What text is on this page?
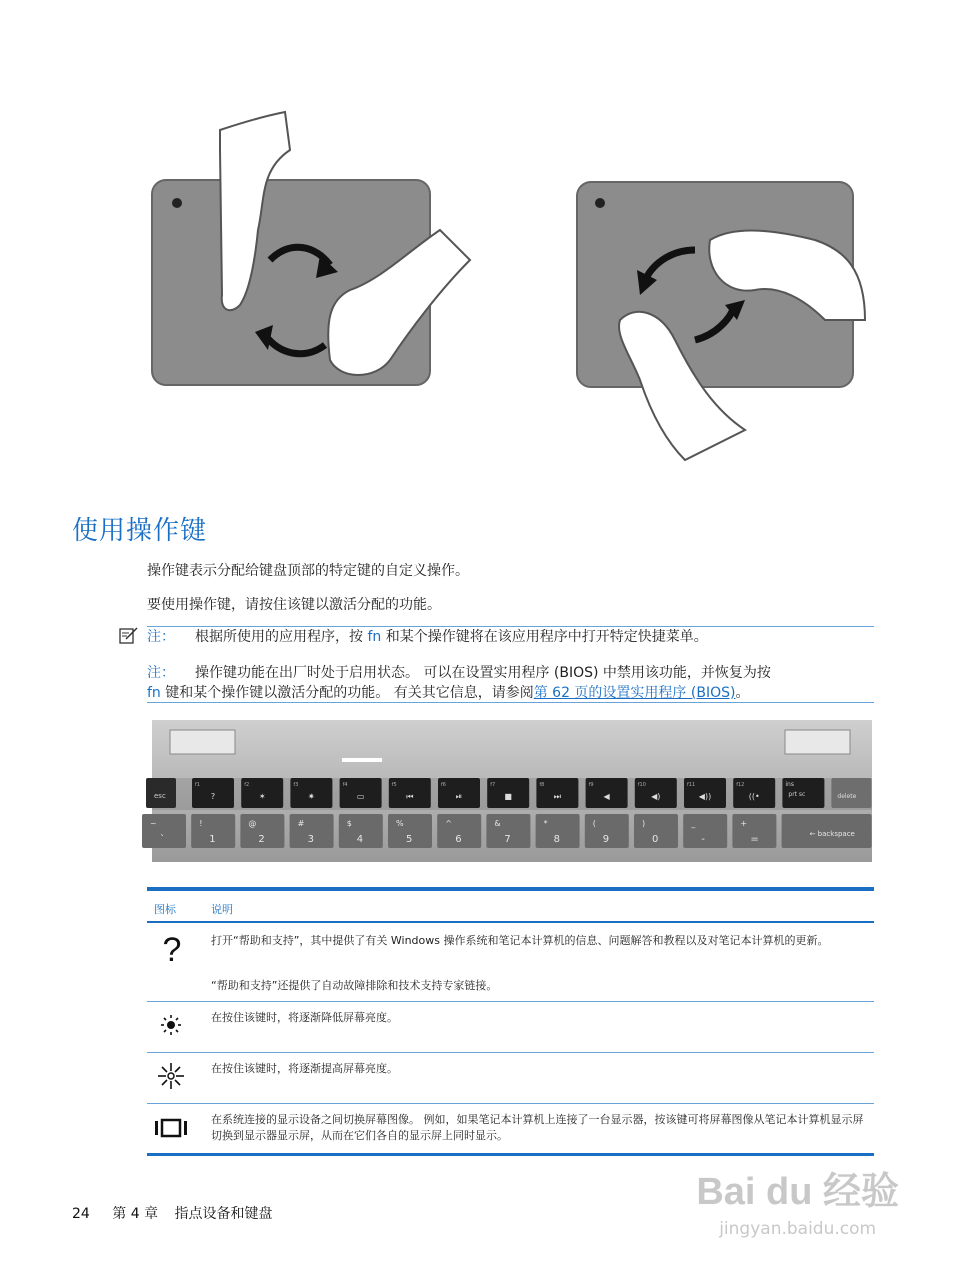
使用操作键
操作键表示分配给键盘顶部的特定键的自定义操作。
要使用操作键，请按住该键以激活分配的功能。
注： 根据所使用的应用程序，按 fn 和某个操作键将在该应用程序中打开特定快捷菜单。
注： 操作键功能在出厂时处于启用状态。 可以在设置实用程序 (BIOS) 中禁用该功能，并恢复为按
fn 键和某个操作键以激活分配的功能。 有关其它信息，请参阅第 62 页的设置实用程序 (BIOS)。
esc
f1
?
f2
✶
f3
✷
f4
▭
f5
⏮
f6
⏯
f7
■
f8
⏭
f9
◀
f10
◀)
f11
◀))
f12
((•
ins
prt sc	delete
~
`
!
1
@
2
#
3
$
4
%
5
^
6
&
7
*
8
(
9
)
0
_
-
+
=	← backspace
图标	说明
?	打开“帮助和支持”，其中提供了有关 Windows 操作系统和笔记本计算机的信息、问题解答和教程以及对笔记本计算机的更新。
“帮助和支持”还提供了自动故障排除和技术支持专家链接。
在按住该键时，将逐渐降低屏幕亮度。
在按住该键时，将逐渐提高屏幕亮度。
在系统连接的显示设备之间切换屏幕图像。 例如，如果笔记本计算机上连接了一台显示器，按该键可将屏幕图像从笔记本计算机显示屏切换到显示器显示屏，从而在它们各自的显示屏上同时显示。
24 第 4 章 指点设备和键盘
Bai du 经验
jingyan.baidu.com
